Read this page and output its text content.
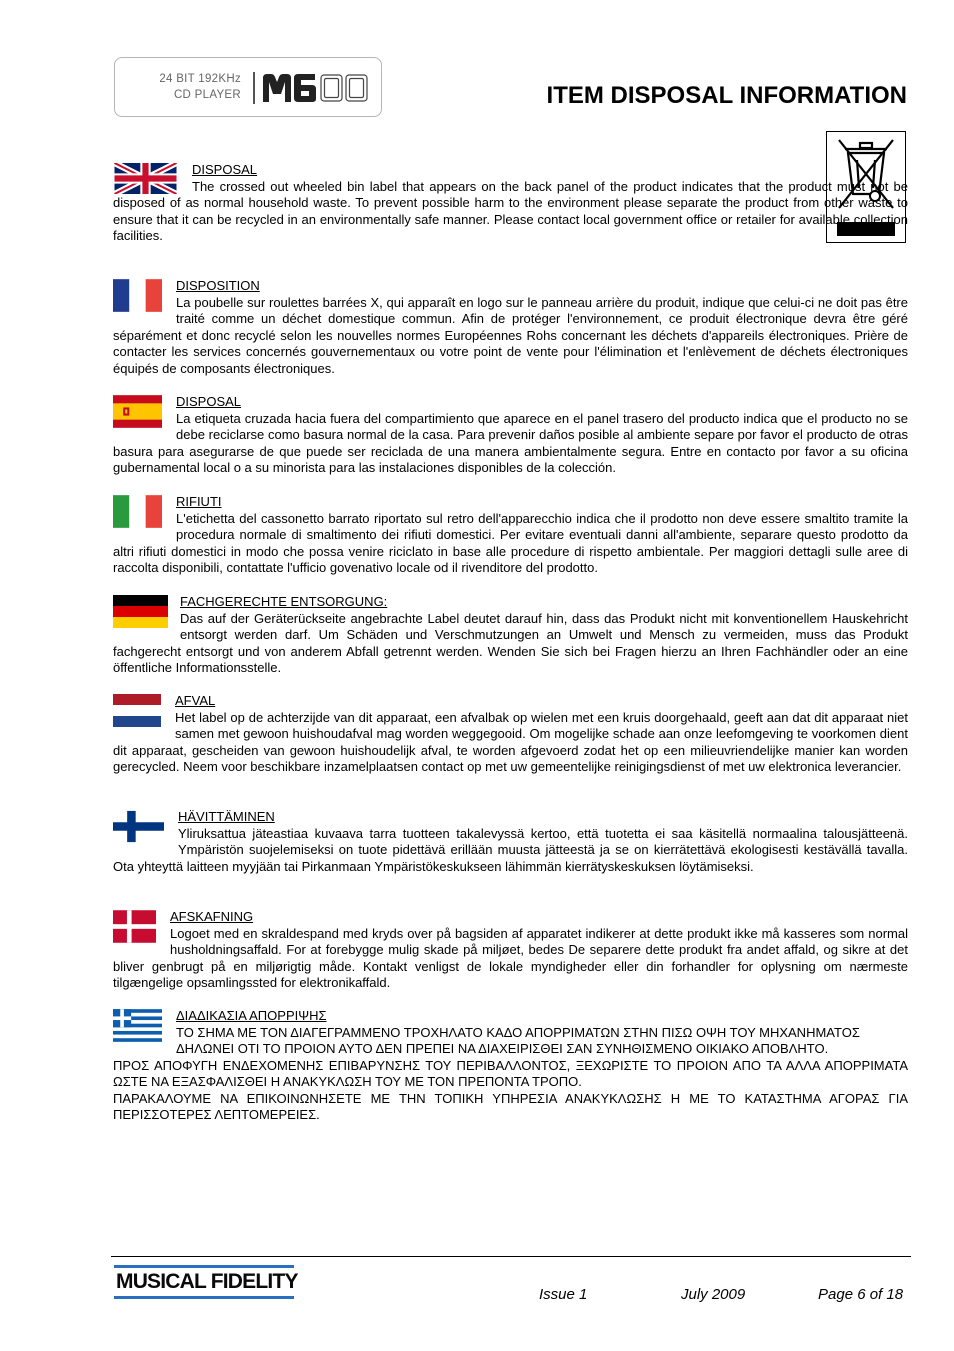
24 BIT 192KHz
CD PLAYER	ITEM DISPOSAL INFORMATION
DISPOSAL
The crossed out wheeled bin label that appears on the back panel of the product indicates that the product must not be disposed of as normal household waste. To prevent possible harm to the environment please separate the product from other waste to ensure that it can be recycled in an environmentally safe manner. Please contact local government office or retailer for available collection facilities.
DISPOSITION
La poubelle sur roulettes barrées X, qui apparaît en logo sur le panneau arrière du produit, indique que celui-ci ne doit pas être traité comme un déchet domestique commun. Afin de protéger l'environnement, ce produit électronique devra être géré séparément et donc recyclé selon les nouvelles normes Européennes Rohs concernant les déchets d'appareils électroniques. Prière de contacter les services concernés gouvernementaux ou votre point de vente pour l'élimination et l'enlèvement de déchets électroniques équipés de composants électroniques.
DISPOSAL
La etiqueta cruzada hacia fuera del compartimiento que aparece en el panel trasero del producto indica que el producto no se debe reciclarse como basura normal de la casa. Para prevenir daños posible al ambiente separe por favor el producto de otras basura para asegurarse de que puede ser reciclada de una manera ambientalmente segura. Entre en contacto por favor a su oficina gubernamental local o a su minorista para las instalaciones disponibles de la colección.
RIFIUTI
L'etichetta del cassonetto barrato riportato sul retro dell'apparecchio indica che il prodotto non deve essere smaltito tramite la procedura normale di smaltimento dei rifiuti domestici. Per evitare eventuali danni all'ambiente, separare questo prodotto da altri rifiuti domestici in modo che possa venire riciclato in base alle procedure di rispetto ambientale. Per maggiori dettagli sulle aree di raccolta disponibili, contattate l'ufficio govenativo locale od il rivenditore del prodotto.
FACHGERECHTE ENTSORGUNG:
Das auf der Geräterückseite angebrachte Label deutet darauf hin, dass das Produkt nicht mit konventionellem Hauskehricht entsorgt werden darf. Um Schäden und Verschmutzungen an Umwelt und Mensch zu vermeiden, muss das Produkt fachgerecht entsorgt und von anderem Abfall getrennt werden. Wenden Sie sich bei Fragen hierzu an Ihren Fachhändler oder an eine öffentliche Informationsstelle.
AFVAL
Het label op de achterzijde van dit apparaat, een afvalbak op wielen met een kruis doorgehaald, geeft aan dat dit apparaat niet samen met gewoon huishoudafval mag worden weggegooid. Om mogelijke schade aan onze leefomgeving te voorkomen dient dit apparaat, gescheiden van gewoon huishoudelijk afval, te worden afgevoerd zodat het op een milieuvriendelijke manier kan worden gerecycled. Neem voor beschikbare inzamelplaatsen contact op met uw gemeentelijke reinigingsdienst of met uw elektronica leverancier.
HÄVITTÄMINEN
Yliruksattua jäteastiaa kuvaava tarra tuotteen takalevyssä kertoo, että tuotetta ei saa käsitellä normaalina talousjätteenä. Ympäristön suojelemiseksi on tuote pidettävä erillään muusta jätteestä ja se on kierrätettävä ekologisesti kestävällä tavalla. Ota yhteyttä laitteen myyjään tai Pirkanmaan Ympäristökeskukseen lähimmän kierrätyskeskuksen löytämiseksi.
AFSKAFNING
Logoet med en skraldespand med kryds over på bagsiden af apparatet indikerer at dette produkt ikke må kasseres som normal husholdningsaffald. For at forebygge mulig skade på miljøet, bedes De separere dette produkt fra andet affald, og sikre at det bliver genbrugt på en miljørigtig måde. Kontakt venligst de lokale myndigheder eller din forhandler for oplysning om nærmeste tilgængelige opsamlingssted for elektronikaffald.
ΔΙΑΔΙΚΑΣΙΑ ΑΠΟΡΡΙΨΗΣ
ΤΟ ΣΗΜΑ ΜΕ ΤΟΝ ΔΙΑΓΕΓΡΑΜΜΕΝΟ ΤΡΟΧΗΛΑΤΟ ΚΑΔΟ ΑΠΟΡΡΙΜΑΤΩΝ ΣΤΗΝ ΠΙΣΩ ΟΨΗ ΤΟΥ ΜΗΧΑΝΗΜΑΤΟΣ
ΔΗΛΩΝΕΙ ΟΤΙ ΤΟ ΠΡΟΙΟΝ ΑΥΤΟ ΔΕΝ ΠΡΕΠΕΙ ΝΑ ΔΙΑΧΕΙΡΙΣΘΕΙ ΣΑΝ ΣΥΝΗΘΙΣΜΕΝΟ ΟΙΚΙΑΚΟ ΑΠΟΒΛΗΤΟ.
ΠΡΟΣ ΑΠΟΦΥΓΗ ΕΝΔΕΧΟΜΕΝΗΣ ΕΠΙΒΑΡΥΝΣΗΣ ΤΟΥ ΠΕΡΙΒΑΛΛΟΝΤΟΣ, ΞΕΧΩΡΙΣΤΕ ΤΟ ΠΡΟΙΟΝ ΑΠΟ ΤΑ ΑΛΛΑ ΑΠΟΡΡΙΜΑΤΑ ΩΣΤΕ ΝΑ ΕΞΑΣΦΑΛΙΣΘΕΙ Η ΑΝΑΚΥΚΛΩΣΗ ΤΟΥ ΜΕ ΤΟΝ ΠΡΕΠΟΝΤΑ ΤΡΟΠΟ.
ΠΑΡΑΚΑΛΟΥΜΕ ΝΑ ΕΠΙΚΟΙΝΩΝΗΣΕΤΕ ΜΕ ΤΗΝ ΤΟΠΙΚΗ ΥΠΗΡΕΣΙΑ ΑΝΑΚΥΚΛΩΣΗΣ Η ΜΕ ΤΟ ΚΑΤΑΣΤΗΜΑ ΑΓΟΡΑΣ ΓΙΑ ΠΕΡΙΣΣΟΤΕΡΕΣ ΛΕΠΤΟΜΕΡΕΙΕΣ.
MUSICAL FIDELITY
Issue 1	July 2009	Page 6 of 18
